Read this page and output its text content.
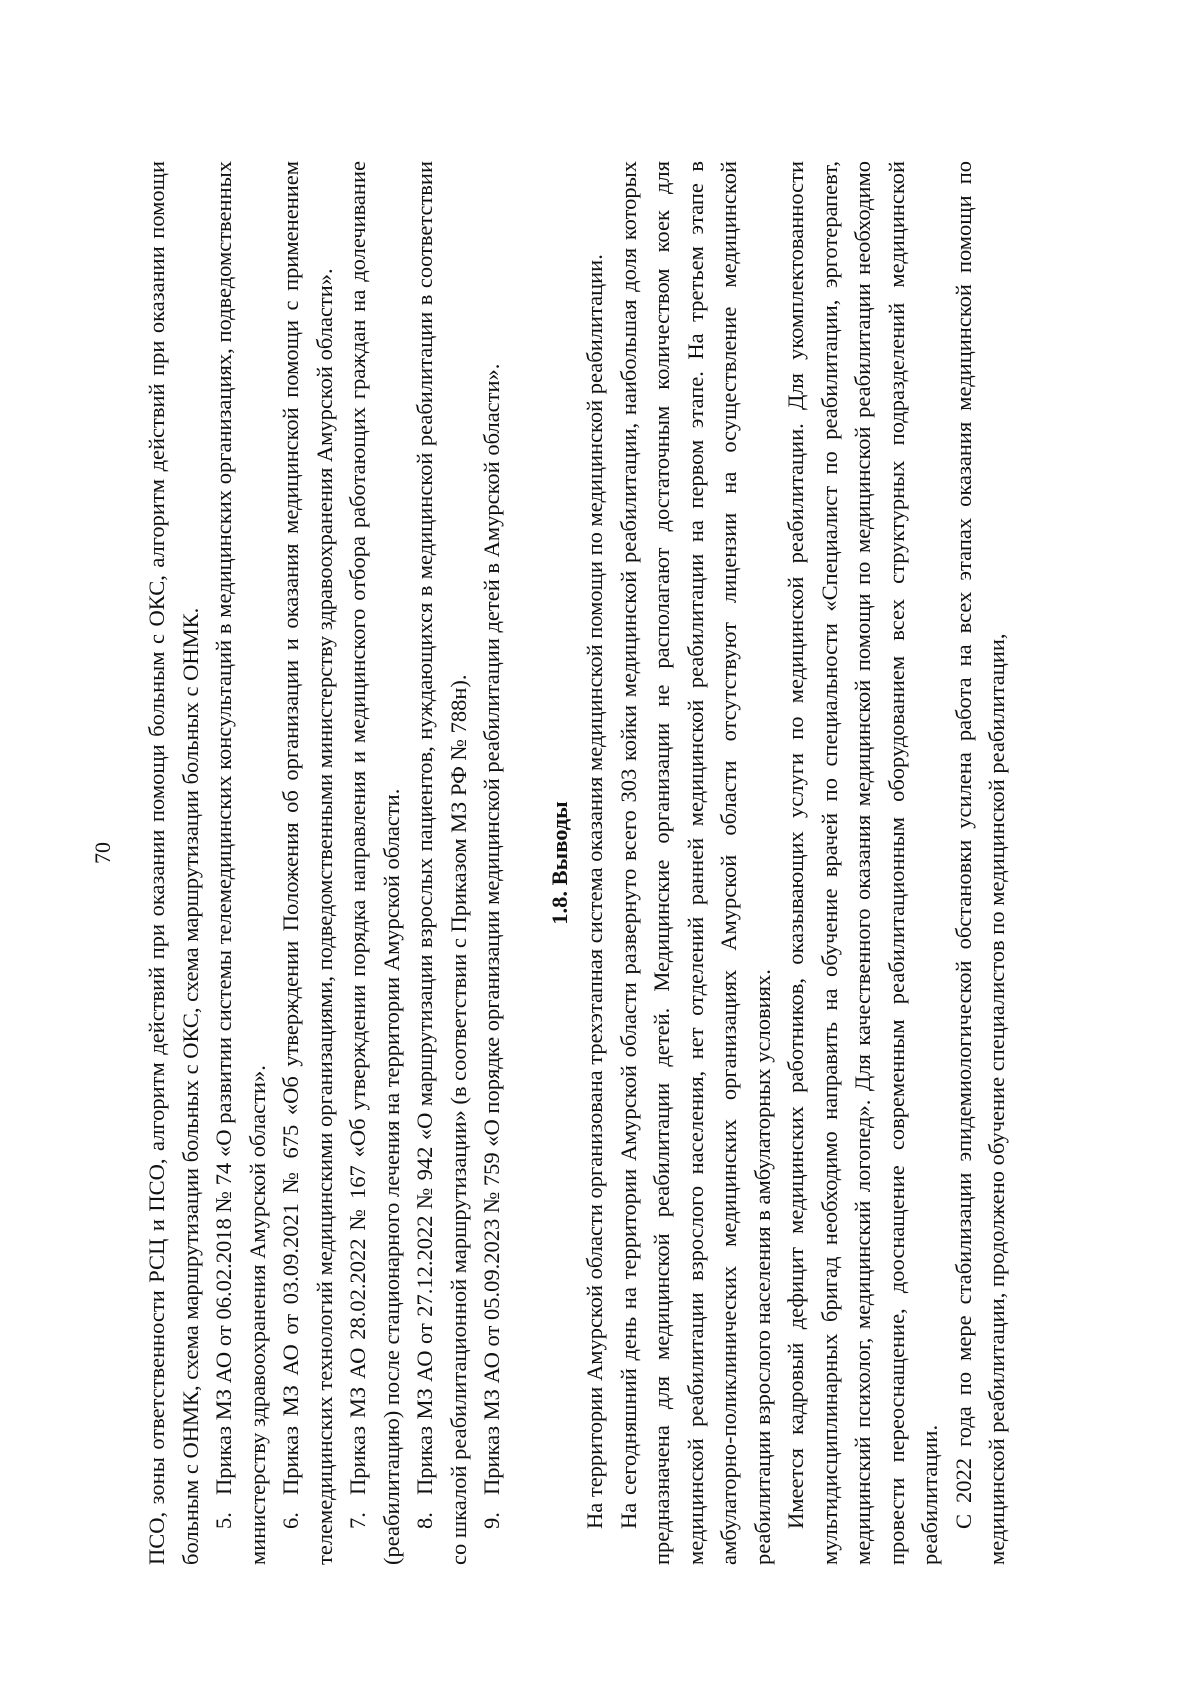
70 ПСО, зоны ответственности РСЦ и ПСО, алгоритм действий при оказании помощи больным с ОКС, алгоритм действий при оказании помощи больным с ОНМК, схема маршрутизации больных с ОКС, схема маршрутизации больных с ОНМК. 5.Приказ МЗ АО от 06.02.2018 № 74 «О развитии системы телемедицинских консультаций в медицинских организациях, подведомственных министерству здравоохранения Амурской области». 6.Приказ МЗ АО от 03.09.2021 № 675 «Об утверждении Положения об организации и оказания медицинской помощи с применением телемедицинских технологий медицинскими организациями, подведомственными министерству здравоохранения Амурской области». 7.Приказ МЗ АО 28.02.2022 № 167 «Об утверждении порядка направления и медицинского отбора работающих граждан на долечивание (реабилитацию) после стационарного лечения на территории Амурской области. 8.Приказ МЗ АО от 27.12.2022 № 942 «О маршрутизации взрослых пациентов, нуждающихся в медицинской реабилитации в соответствии со шкалой реабилитационной маршрутизации» (в соответствии с Приказом МЗ РФ № 788н). 9.Приказ МЗ АО от 05.09.2023 № 759 «О порядке организации медицинской реабилитации детей в Амурской области». 1.8. Выводы На территории Амурской области организована трехэтапная система оказания медицинской помощи по медицинской реабилитации. На сегодняшний день на территории Амурской области развернуто всего 303 койки медицинской реабилитации, наибольшая доля которых предназначена для медицинской реабилитации детей. Медицинские организации не располагают достаточным количеством коек для медицинской реабилитации взрослого населения, нет отделений ранней медицинской реабилитации на первом этапе. На третьем этапе в амбулаторно-поликлинических медицинских организациях Амурской области отсутствуют лицензии на осуществление медицинской реабилитации взрослого населения в амбулаторных условиях. Имеется кадровый дефицит медицинских работников, оказывающих услуги по медицинской реабилитации. Для укомплектованности мультидисциплинарных бригад необходимо направить на обучение врачей по специальности «Специалист по реабилитации, эрготерапевт, медицинский психолог, медицинский логопед». Для качественного оказания медицинской помощи по медицинской реабилитации необходимо провести переоснащение, дооснащение современным реабилитационным оборудованием всех структурных подразделений медицинской реабилитации. С 2022 года по мере стабилизации эпидемиологической обстановки усилена работа на всех этапах оказания медицинской помощи по медицинской реабилитации, продолжено обучение специалистов по медицинской реабилитации,
